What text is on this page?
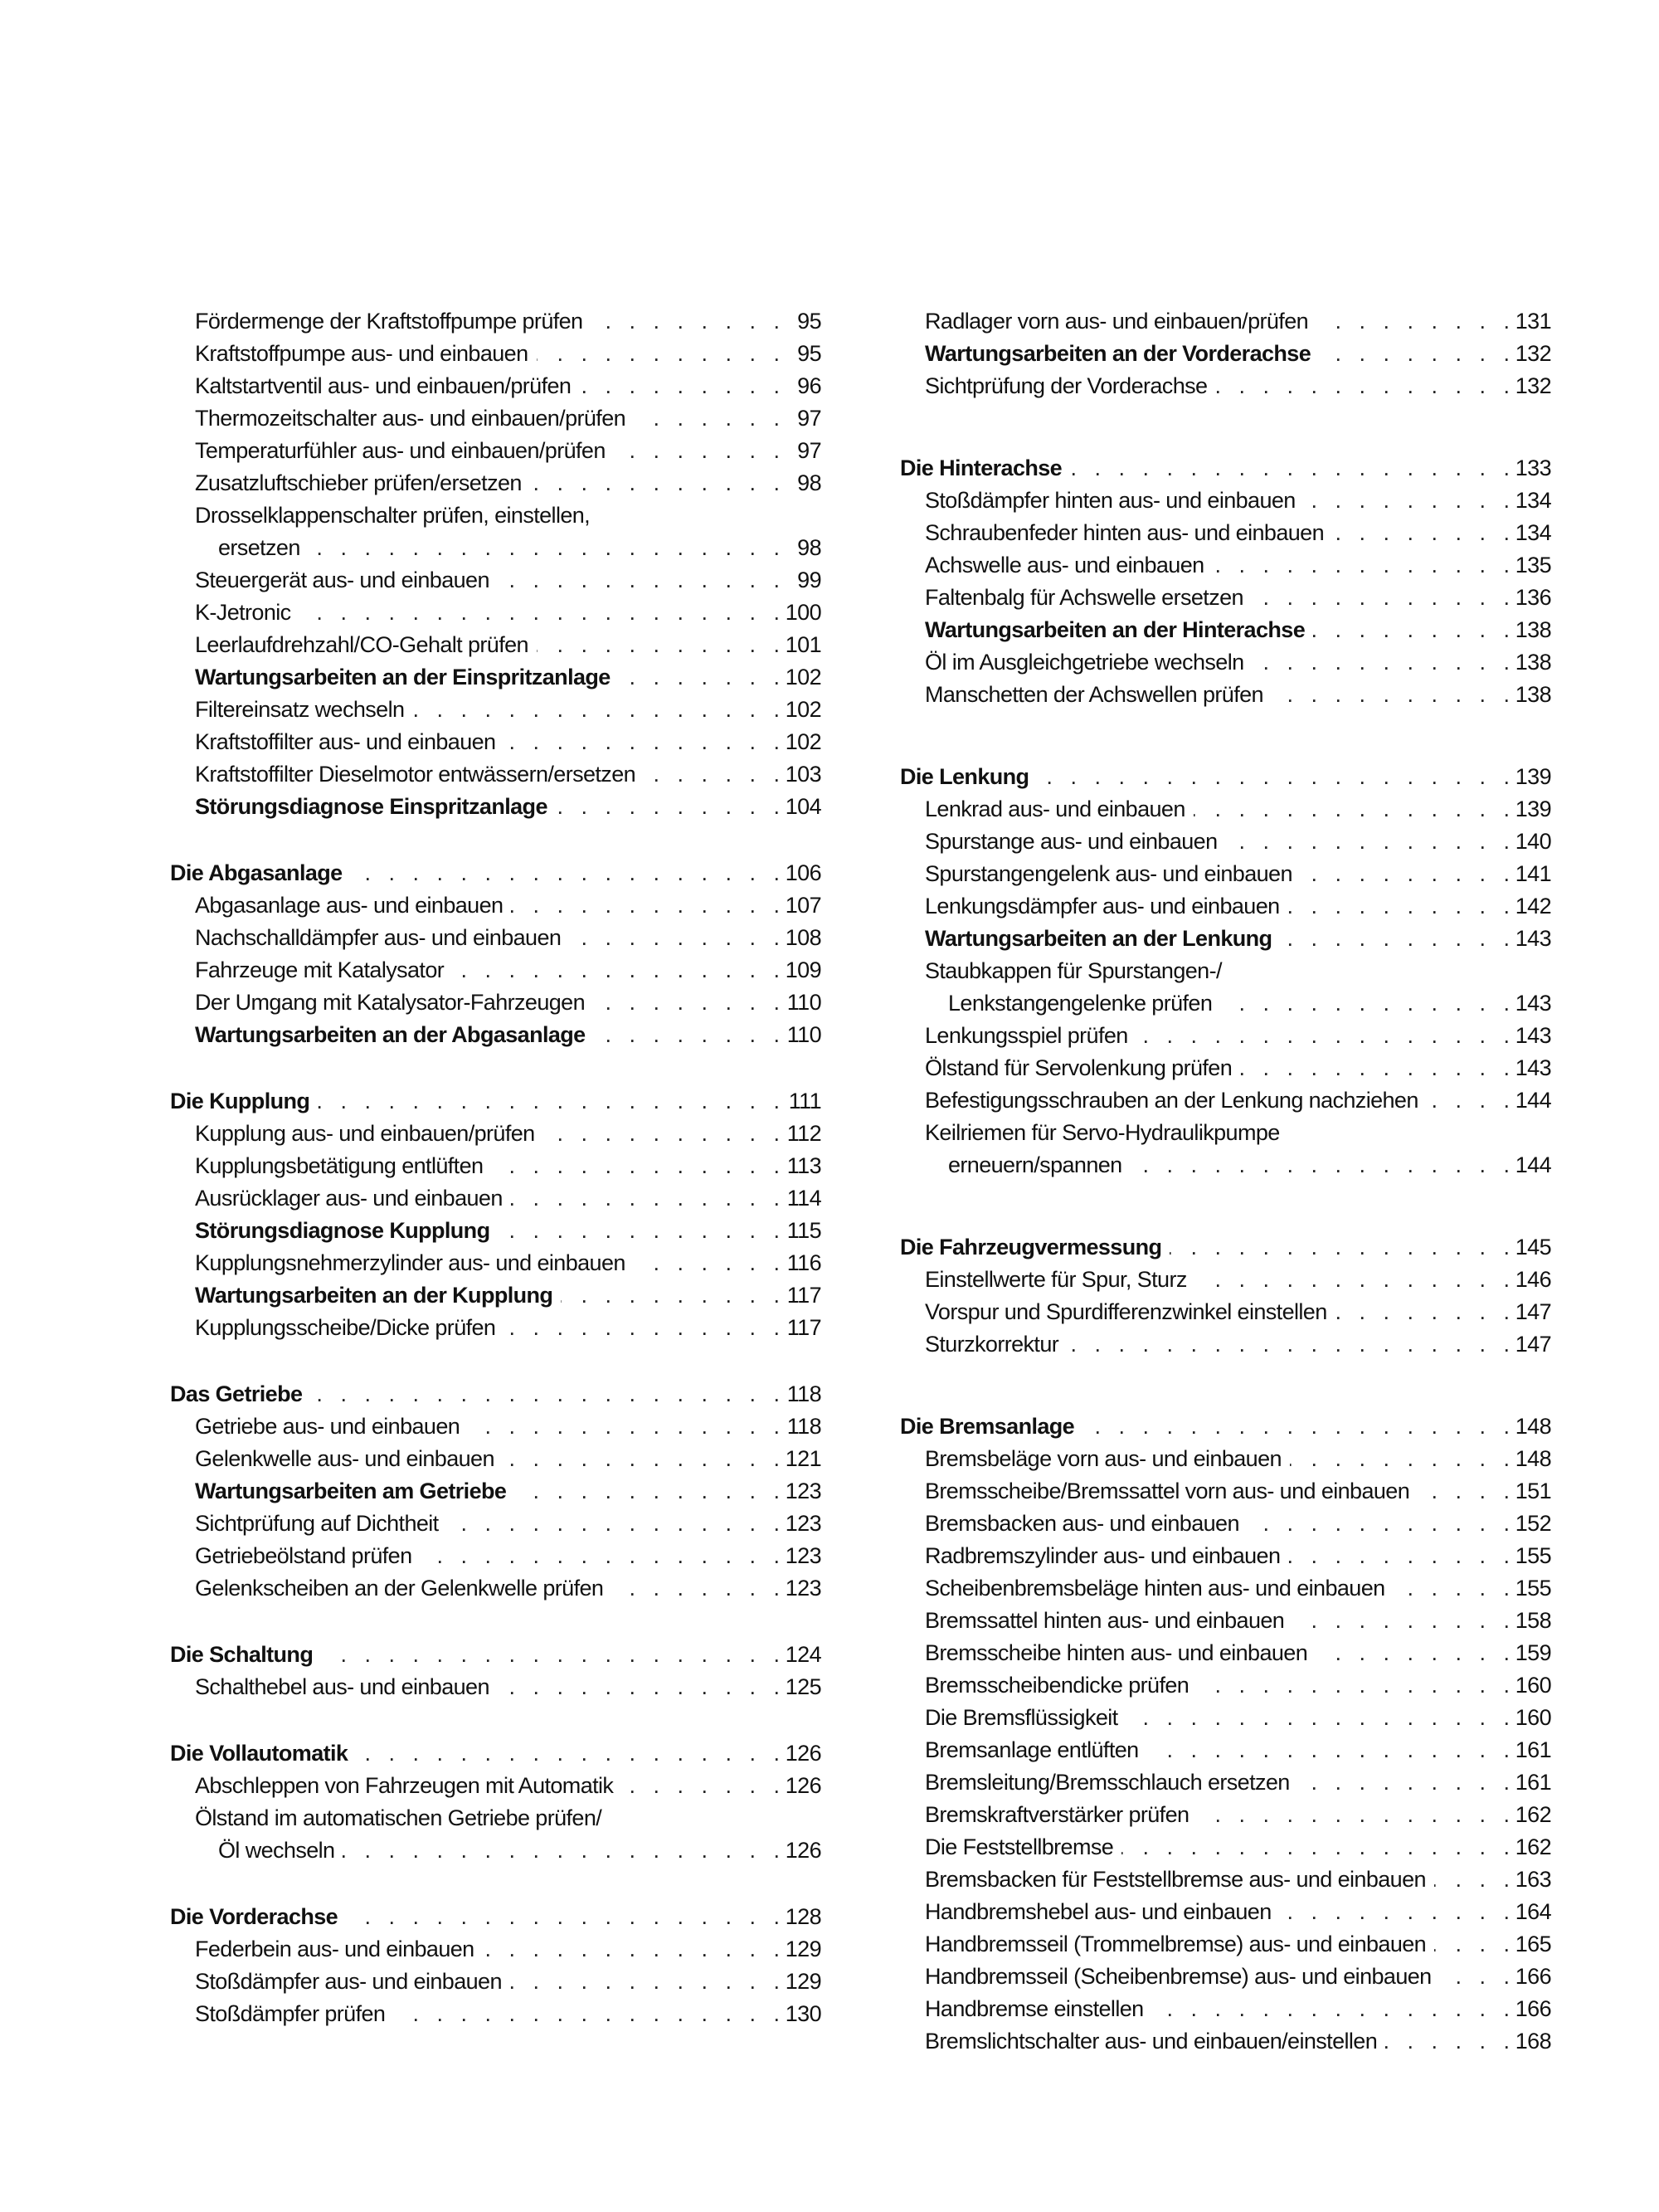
Fördermenge der Kraftstoffpumpe prüfen . . .	95
Kraftstoffpumpe aus- und einbauen . . .	95
Kaltstartventil aus- und einbauen/prüfen . . .	96
Thermozeitschalter aus- und einbauen/prüfen . . .	97
Temperaturfühler aus- und einbauen/prüfen . . .	97
Zusatzluftschieber prüfen/ersetzen . . .	98
Drosselklappenschalter prüfen, einstellen,
ersetzen . . .	98
Steuergerät aus- und einbauen . . .	99
K-Jetronic . . .	100
Leerlaufdrehzahl/CO-Gehalt prüfen . . .	101
Wartungsarbeiten an der Einspritzanlage . . .	102
Filtereinsatz wechseln . . .	102
Kraftstoffilter aus- und einbauen . . .	102
Kraftstoffilter Dieselmotor entwässern/ersetzen . . .	103
Störungsdiagnose Einspritzanlage . . .	104
Die Abgasanlage . . .	106
Abgasanlage aus- und einbauen . . .	107
Nachschalldämpfer aus- und einbauen . . .	108
Fahrzeuge mit Katalysator . . .	109
Der Umgang mit Katalysator-Fahrzeugen . . .	110
Wartungsarbeiten an der Abgasanlage . . .	110
Die Kupplung . . .	111
Kupplung aus- und einbauen/prüfen . . .	112
Kupplungsbetätigung entlüften . . .	113
Ausrücklager aus- und einbauen . . .	114
Störungsdiagnose Kupplung . . .	115
Kupplungsnehmerzylinder aus- und einbauen . . .	116
Wartungsarbeiten an der Kupplung . . .	117
Kupplungsscheibe/Dicke prüfen . . .	117
Das Getriebe . . .	118
Getriebe aus- und einbauen . . .	118
Gelenkwelle aus- und einbauen . . .	121
Wartungsarbeiten am Getriebe . . .	123
Sichtprüfung auf Dichtheit . . .	123
Getriebeölstand prüfen . . .	123
Gelenkscheiben an der Gelenkwelle prüfen . . .	123
Die Schaltung . . .	124
Schalthebel aus- und einbauen . . .	125
Die Vollautomatik . . .	126
Abschleppen von Fahrzeugen mit Automatik . . .	126
Ölstand im automatischen Getriebe prüfen/
Öl wechseln . . .	126
Die Vorderachse . . .	128
Federbein aus- und einbauen . . .	129
Stoßdämpfer aus- und einbauen . . .	129
Stoßdämpfer prüfen . . .	130
Radlager vorn aus- und einbauen/prüfen . . .	131
Wartungsarbeiten an der Vorderachse . . .	132
Sichtprüfung der Vorderachse . . .	132
Die Hinterachse . . .	133
Stoßdämpfer hinten aus- und einbauen . . .	134
Schraubenfeder hinten aus- und einbauen . . .	134
Achswelle aus- und einbauen . . .	135
Faltenbalg für Achswelle ersetzen . . .	136
Wartungsarbeiten an der Hinterachse . . .	138
Öl im Ausgleichgetriebe wechseln . . .	138
Manschetten der Achswellen prüfen . . .	138
Die Lenkung . . .	139
Lenkrad aus- und einbauen . . .	139
Spurstange aus- und einbauen . . .	140
Spurstangengelenk aus- und einbauen . . .	141
Lenkungsdämpfer aus- und einbauen . . .	142
Wartungsarbeiten an der Lenkung . . .	143
Staubkappen für Spurstangen-/
Lenkstangengelenke prüfen . . .	143
Lenkungsspiel prüfen . . .	143
Ölstand für Servolenkung prüfen . . .	143
Befestigungsschrauben an der Lenkung nachziehen . . .	144
Keilriemen für Servo-Hydraulikpumpe
erneuern/spannen . . .	144
Die Fahrzeugvermessung . . .	145
Einstellwerte für Spur, Sturz . . .	146
Vorspur und Spurdifferenzwinkel einstellen . . .	147
Sturzkorrektur . . .	147
Die Bremsanlage . . .	148
Bremsbeläge vorn aus- und einbauen . . .	148
Bremsscheibe/Bremssattel vorn aus- und einbauen . . .	151
Bremsbacken aus- und einbauen . . .	152
Radbremszylinder aus- und einbauen . . .	155
Scheibenbremsbeläge hinten aus- und einbauen . . .	155
Bremssattel hinten aus- und einbauen . . .	158
Bremsscheibe hinten aus- und einbauen . . .	159
Bremsscheibendicke prüfen . . .	160
Die Bremsflüssigkeit . . .	160
Bremsanlage entlüften . . .	161
Bremsleitung/Bremsschlauch ersetzen . . .	161
Bremskraftverstärker prüfen . . .	162
Die Feststellbremse . . .	162
Bremsbacken für Feststellbremse aus- und einbauen . . .	163
Handbremshebel aus- und einbauen . . .	164
Handbremsseil (Trommelbremse) aus- und einbauen . . .	165
Handbremsseil (Scheibenbremse) aus- und einbauen . . .	166
Handbremse einstellen . . .	166
Bremslichtschalter aus- und einbauen/einstellen . . .	168
